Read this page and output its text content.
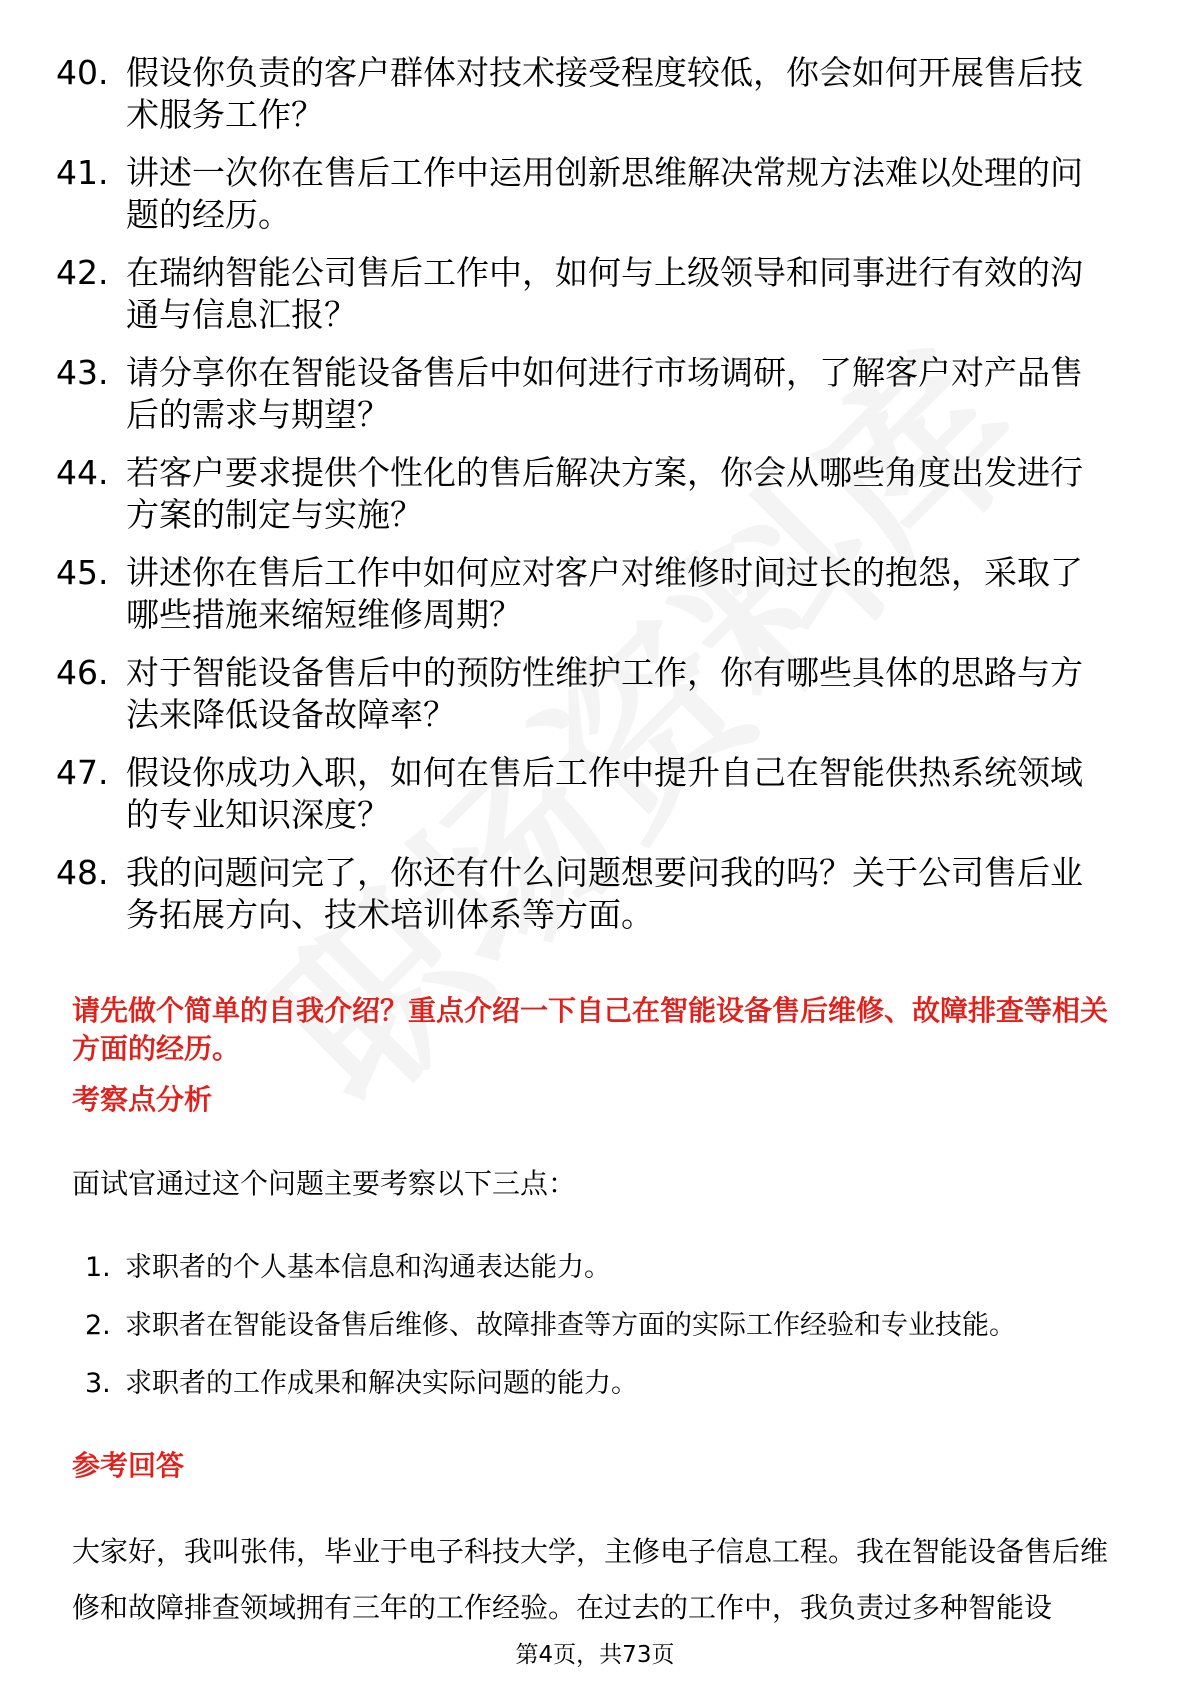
40. 假设你负责的客户群体对技术接受程度较低，你会如何开展售后技术服务工作？
41. 讲述一次你在售后工作中运用创新思维解决常规方法难以处理的问题的经历。
42. 在瑞纳智能公司售后工作中，如何与上级领导和同事进行有效的沟通与信息汇报？
43. 请分享你在智能设备售后中如何进行市场调研，了解客户对产品售后的需求与期望？
44. 若客户要求提供个性化的售后解决方案，你会从哪些角度出发进行方案的制定与实施？
45. 讲述你在售后工作中如何应对客户对维修时间过长的抱怨，采取了哪些措施来缩短维修周期？
46. 对于智能设备售后中的预防性维护工作，你有哪些具体的思路与方法来降低设备故障率？
47. 假设你成功入职，如何在售后工作中提升自己在智能供热系统领域的专业知识深度？
48. 我的问题问完了，你还有什么问题想要问我的吗？关于公司售后业务拓展方向、技术培训体系等方面。
请先做个简单的自我介绍？重点介绍一下自己在智能设备售后维修、故障排查等相关方面的经历。
考察点分析
面试官通过这个问题主要考察以下三点：
1. 求职者的个人基本信息和沟通表达能力。
2. 求职者在智能设备售后维修、故障排查等方面的实际工作经验和专业技能。
3. 求职者的工作成果和解决实际问题的能力。
参考回答
大家好，我叫张伟，毕业于电子科技大学，主修电子信息工程。我在智能设备售后维修和故障排查领域拥有三年的工作经验。在过去的工作中，我负责过多种智能设
第4页，共73页
